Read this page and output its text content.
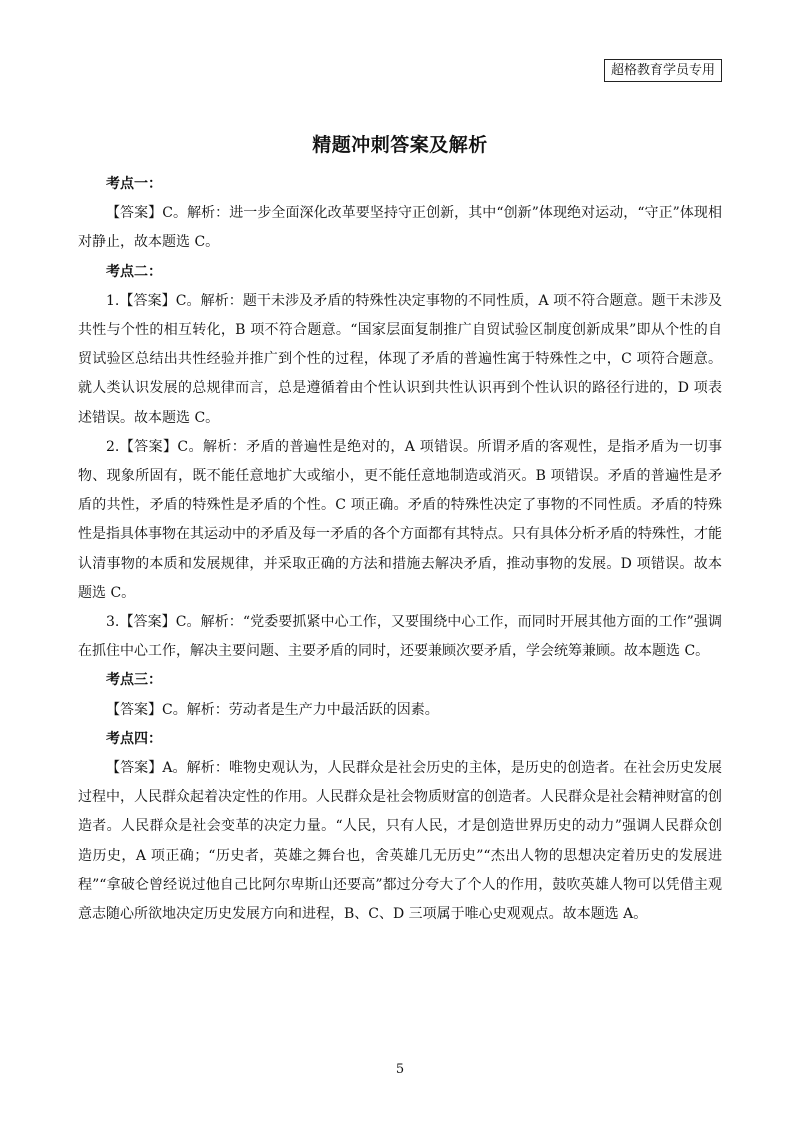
超格教育学员专用
精题冲刺答案及解析

考点一：

【答案】C。解析：进一步全面深化改革要坚持守正创新，其中“创新”体现绝对运动，“守正”体现相对静止，故本题选 C。

考点二：

1.【答案】C。解析：题干未涉及矛盾的特殊性决定事物的不同性质，A 项不符合题意。题干未涉及共性与个性的相互转化，B 项不符合题意。“国家层面复制推广自贸试验区制度创新成果”即从个性的自贸试验区总结出共性经验并推广到个性的过程，体现了矛盾的普遍性寓于特殊性之中，C 项符合题意。就人类认识发展的总规律而言，总是遵循着由个性认识到共性认识再到个性认识的路径行进的，D 项表述错误。故本题选 C。

2.【答案】C。解析：矛盾的普遍性是绝对的，A 项错误。所谓矛盾的客观性，是指矛盾为一切事物、现象所固有，既不能任意地扩大或缩小，更不能任意地制造或消灭。B 项错误。矛盾的普遍性是矛盾的共性，矛盾的特殊性是矛盾的个性。C 项正确。矛盾的特殊性决定了事物的不同性质。矛盾的特殊性是指具体事物在其运动中的矛盾及每一矛盾的各个方面都有其特点。只有具体分析矛盾的特殊性，才能认清事物的本质和发展规律，并采取正确的方法和措施去解决矛盾，推动事物的发展。D 项错误。故本题选 C。

3.【答案】C。解析：“党委要抓紧中心工作，又要围绕中心工作，而同时开展其他方面的工作”强调在抓住中心工作，解决主要问题、主要矛盾的同时，还要兼顾次要矛盾，学会统筹兼顾。故本题选 C。

考点三：

【答案】C。解析：劳动者是生产力中最活跃的因素。

考点四：

【答案】A。解析：唯物史观认为，人民群众是社会历史的主体，是历史的创造者。在社会历史发展过程中，人民群众起着决定性的作用。人民群众是社会物质财富的创造者。人民群众是社会精神财富的创造者。人民群众是社会变革的决定力量。“人民，只有人民，才是创造世界历史的动力”强调人民群众创造历史，A 项正确；“历史者，英雄之舞台也，舍英雄几无历史”“杰出人物的思想决定着历史的发展进程”“拿破仑曾经说过他自己比阿尔卑斯山还要高”都过分夸大了个人的作用，鼓吹英雄人物可以凭借主观意志随心所欲地决定历史发展方向和进程，B、C、D 三项属于唯心史观观点。故本题选 A。

5
